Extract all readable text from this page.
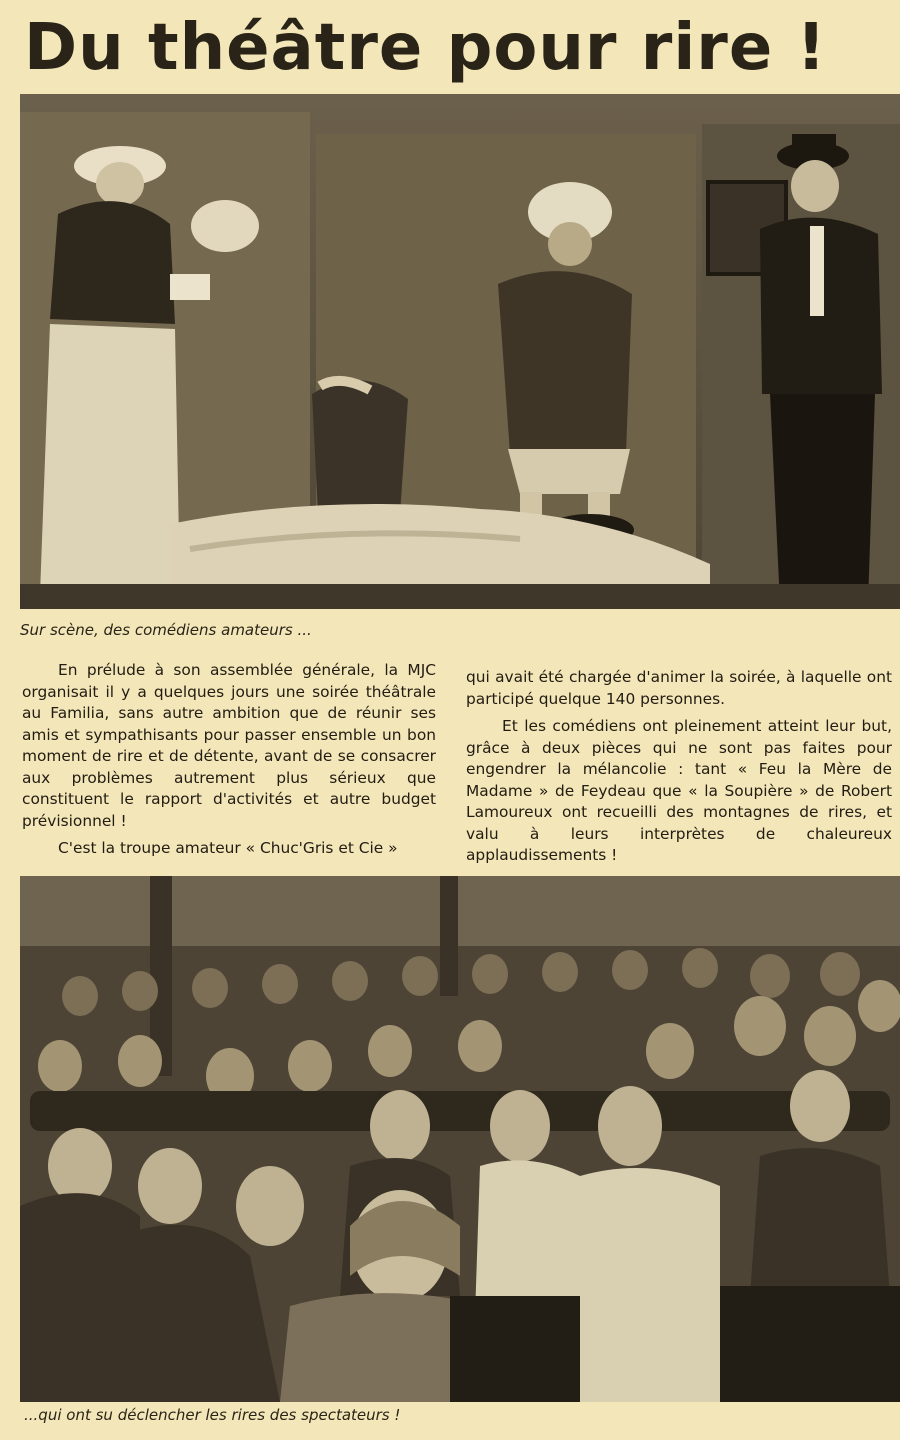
Du théâtre pour rire !
Sur scène, des comédiens amateurs ...

En prélude à son assemblée générale, la MJC organisait il y a quelques jours une soirée théâtrale au Familia, sans autre ambition que de réunir ses amis et sympathisants pour passer ensemble un bon moment de rire et de détente, avant de se consacrer aux problèmes autrement plus sérieux que constituent le rapport d'activités et autre budget prévisionnel !

C'est la troupe amateur « Chuc'Gris et Cie »

qui avait été chargée d'animer la soirée, à laquelle ont participé quelque 140 personnes.

Et les comédiens ont pleinement atteint leur but, grâce à deux pièces qui ne sont pas faites pour engendrer la mélancolie : tant « Feu la Mère de Madame » de Feydeau que « la Soupière » de Robert Lamoureux ont recueilli des montagnes de rires, et valu à leurs interprètes de chaleureux applaudissements !

...qui ont su déclencher les rires des spectateurs !
